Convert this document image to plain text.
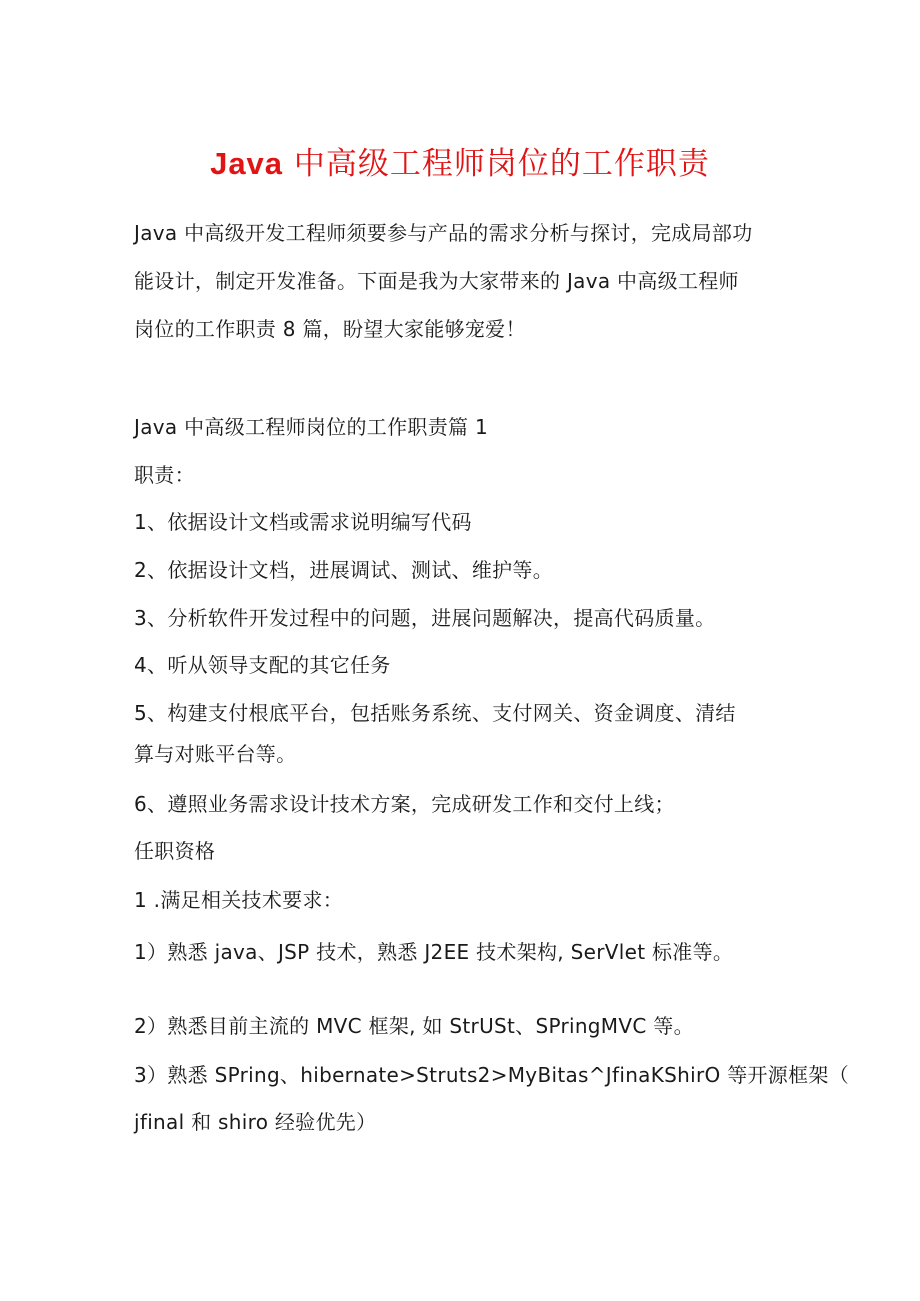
Java 中高级工程师岗位的工作职责
Java 中高级开发工程师须要参与产品的需求分析与探讨，完成局部功
能设计，制定开发准备。下面是我为大家带来的 Java 中高级工程师
岗位的工作职责 8 篇，盼望大家能够宠爱！
Java 中高级工程师岗位的工作职责篇 1
职责：
1、依据设计文档或需求说明编写代码
2、依据设计文档，进展调试、测试、维护等。
3、分析软件开发过程中的问题，进展问题解决，提高代码质量。
4、听从领导支配的其它任务
5、构建支付根底平台，包括账务系统、支付网关、资金调度、清结
算与对账平台等。
6、遵照业务需求设计技术方案，完成研发工作和交付上线；
任职资格
1 .满足相关技术要求：
1）熟悉 java、JSP 技术，熟悉 J2EE 技术架构, SerVlet 标准等。
2）熟悉目前主流的 MVC 框架, 如 StrUSt、SPringMVC 等。
3）熟悉 SPring、hibernate>Struts2>MyBitas^JfinaKShirO 等开源框架（
jfinal 和 shiro 经验优先）
